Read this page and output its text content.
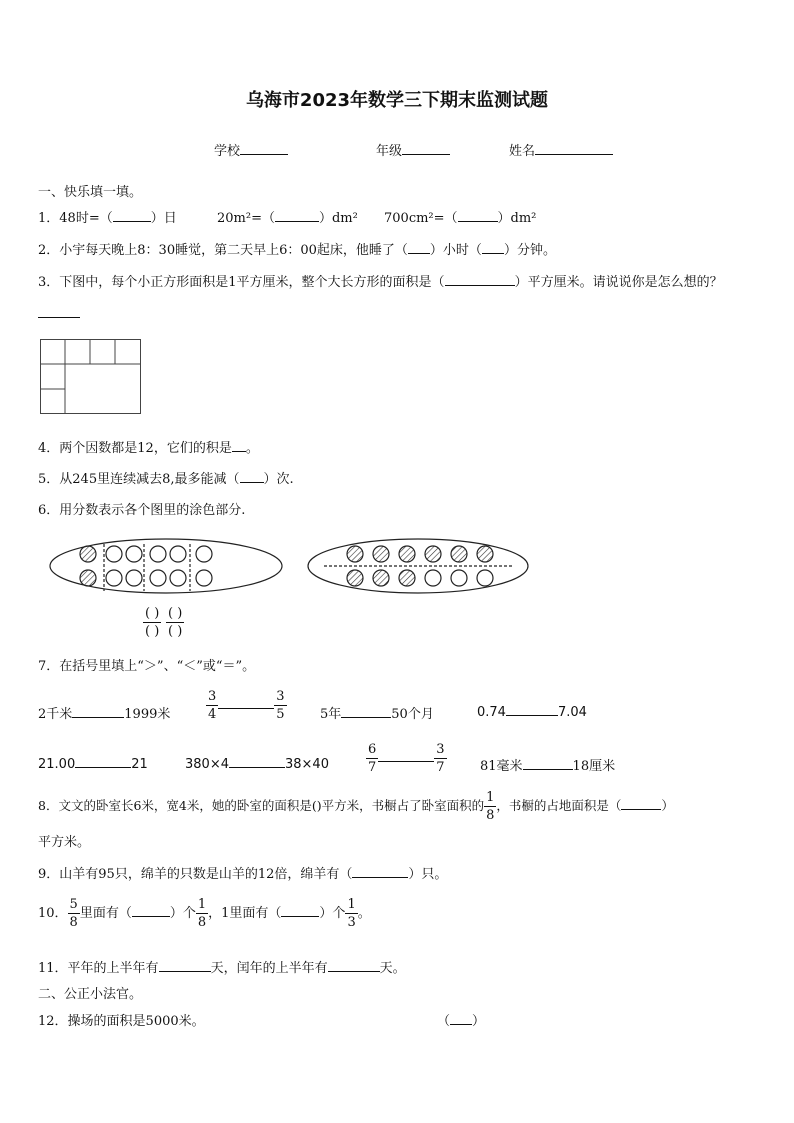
乌海市2023年数学三下期末监测试题
学校	年级	姓名
一、快乐填一填。
1．48时=（	）日	20m²=（	）dm² 700cm²=（	）dm²
2．小宇每天晚上8：30睡觉，第二天早上6：00起床，他睡了（ ）小时（ ）分钟。
3．下图中，每个小正方形面积是1平方厘米，整个大长方形的面积是（	）平方厘米。请说说你是怎么想的？
4．两个因数都是12，它们的积是 。
5．从245里连续减去8,最多能减（ ）次.
6．用分数表示各个图里的涂色部分.
$\frac{( )}{( )} \frac{( )}{( )}$
7．在括号里填上“＞”、“＜”或“＝”。
2千米	1999米	$\frac{3}{4}$	$\frac{3}{5}$	5年	50个月	0.74	7.04
21.00	21	380×4	38×40	$\frac{6}{7}$	$\frac{3}{7}$	81毫米	18厘米
8．文文的卧室长6米，宽4米，她的卧室的面积是()平方米，书橱占了卧室面积的 $\frac{1}{8}$ ，书橱的占地面积是（	）
平方米。
9．山羊有95只，绵羊的只数是山羊的12倍，绵羊有（	）只。
10． $\frac{5}{8}$ 里面有（	）个 $\frac{1}{8}$ ，1里面有（	）个 $\frac{1}{3}$ 。
11．平年的上半年有	天，闰年的上半年有	天。
二、公正小法官。
12．操场的面积是5000米。	（ ）
